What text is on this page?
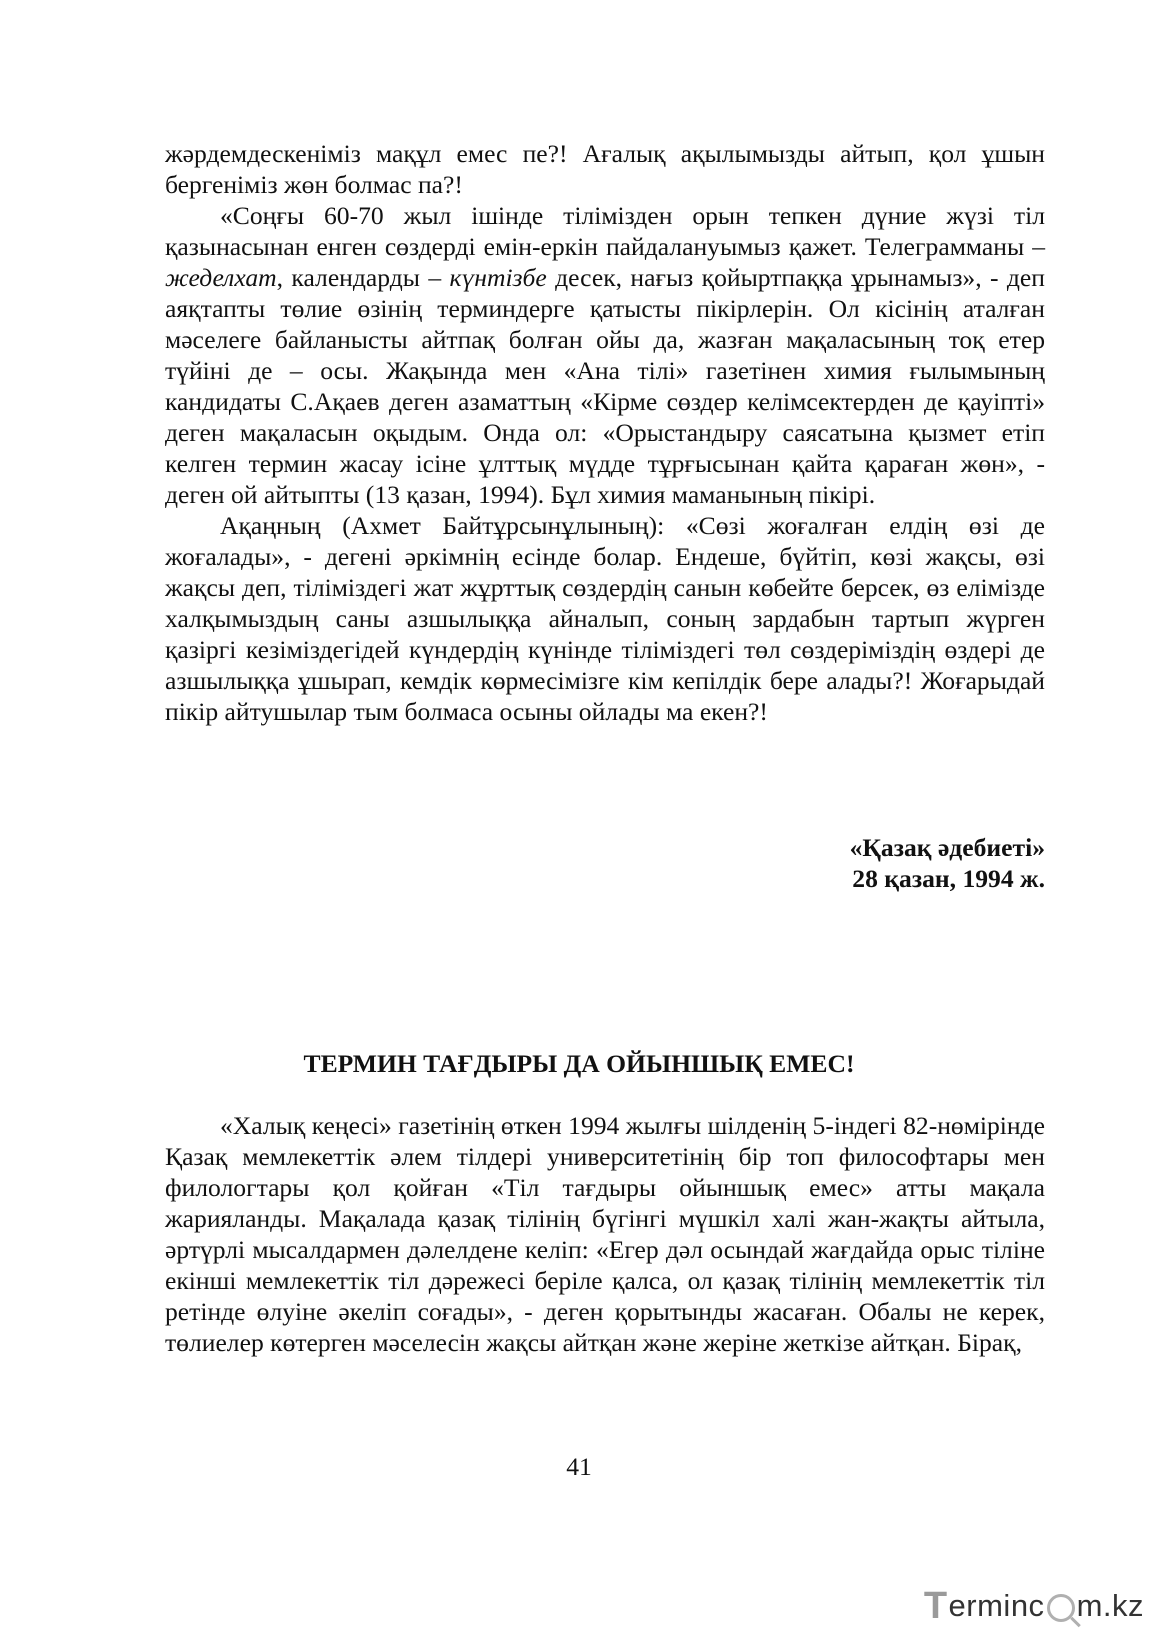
жәрдемдескеніміз мақұл емес пе?! Ағалық ақылымызды айтып, қол ұшын бергеніміз жөн болмас па?!

«Соңғы 60-70 жыл ішінде тілімізден орын тепкен дүние жүзі тіл қазынасынан енген сөздерді емін-еркін пайдалануымыз қажет. Телеграмманы – жеделхат, календарды – күнтізбе десек, нағыз қойыртпаққа ұрынамыз», - деп аяқтапты төлие өзінің терминдерге қатысты пікірлерін. Ол кісінің аталған мәселеге байланысты айтпақ болған ойы да, жазған мақаласының тоқ етер түйіні де – осы. Жақында мен «Ана тілі» газетінен химия ғылымының кандидаты С.Ақаев деген азаматтың «Кірме сөздер келімсектерден де қауіпті» деген мақаласын оқыдым. Онда ол: «Орыстандыру саясатына қызмет етіп келген термин жасау ісіне ұлттық мүдде тұрғысынан қайта қараған жөн», - деген ой айтыпты (13 қазан, 1994). Бұл химия маманының пікірі.

Ақаңның (Ахмет Байтұрсынұлының): «Сөзі жоғалған елдің өзі де жоғалады», - дегені әркімнің есінде болар. Ендеше, бүйтіп, көзі жақсы, өзі жақсы деп, тіліміздегі жат жұрттық сөздердің санын көбейте берсек, өз елімізде халқымыздың саны азшылыққа айналып, соның зардабын тартып жүрген қазіргі кезіміздегідей күндердің күнінде тіліміздегі төл сөздеріміздің өздері де азшылыққа ұшырап, кемдік көрмесімізге кім кепілдік бере алады?! Жоғарыдай пікір айтушылар тым болмаса осыны ойлады ма екен?!

«Қазақ әдебиеті»
28 қазан, 1994 ж.
ТЕРМИН ТАҒДЫРЫ ДА ОЙЫНШЫҚ ЕМЕС!

«Халық кеңесі» газетінің өткен 1994 жылғы шілденің 5-індегі 82-нөмірінде Қазақ мемлекеттік әлем тілдері университетінің бір топ философтары мен филологтары қол қойған «Тіл тағдыры ойыншық емес» атты мақала жарияланды. Мақалада қазақ тілінің бүгінгі мүшкіл халі жан-жақты айтыла, әртүрлі мысалдармен дәлелдене келіп: «Егер дәл осындай жағдайда орыс тіліне екінші мемлекеттік тіл дәрежесі беріле қалса, ол қазақ тілінің мемлекеттік тіл ретінде өлуіне әкеліп соғады», - деген қорытынды жасаған. Обалы не керек, төлиелер көтерген мәселесін жақсы айтқан және жеріне жеткізе айтқан. Бірақ,

41
T erminc m.kz
